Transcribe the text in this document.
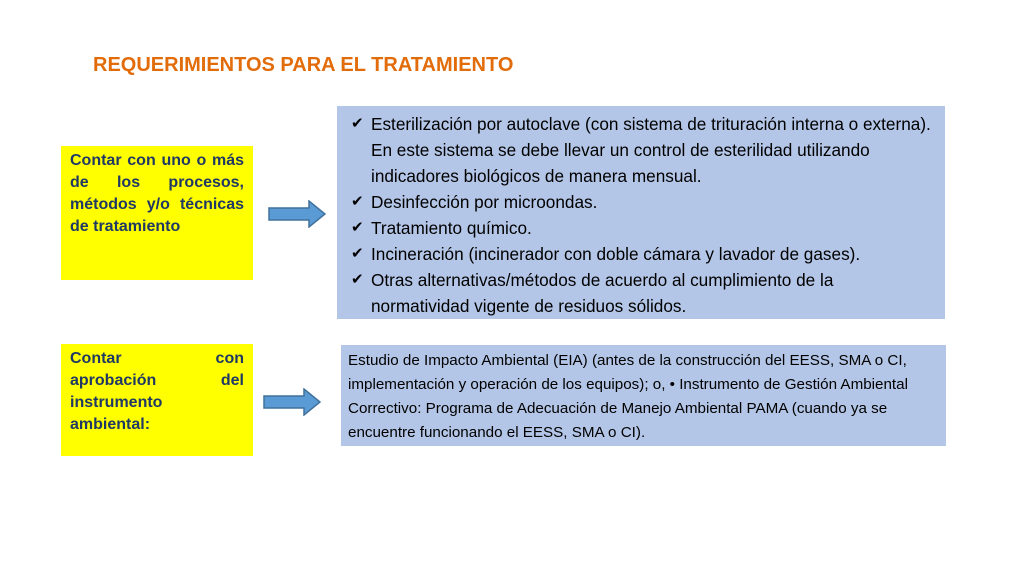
REQUERIMIENTOS PARA EL TRATAMIENTO
Contar con uno o más de los procesos, métodos y/o técnicas de tratamiento
✔ Esterilización por autoclave (con sistema de trituración interna o externa). En este sistema se debe llevar un control de esterilidad utilizando indicadores biológicos de manera mensual.
✔ Desinfección por microondas.
✔ Tratamiento químico.
✔ Incineración (incinerador con doble cámara y lavador de gases).
✔ Otras alternativas/métodos de acuerdo al cumplimiento de la normatividad vigente de residuos sólidos.
Contar con aprobación del instrumento ambiental:
Estudio de Impacto Ambiental (EIA) (antes de la construcción del EESS, SMA o CI, implementación y operación de los equipos); o, • Instrumento de Gestión Ambiental Correctivo: Programa de Adecuación de Manejo Ambiental PAMA (cuando ya se encuentre funcionando el EESS, SMA o CI).
